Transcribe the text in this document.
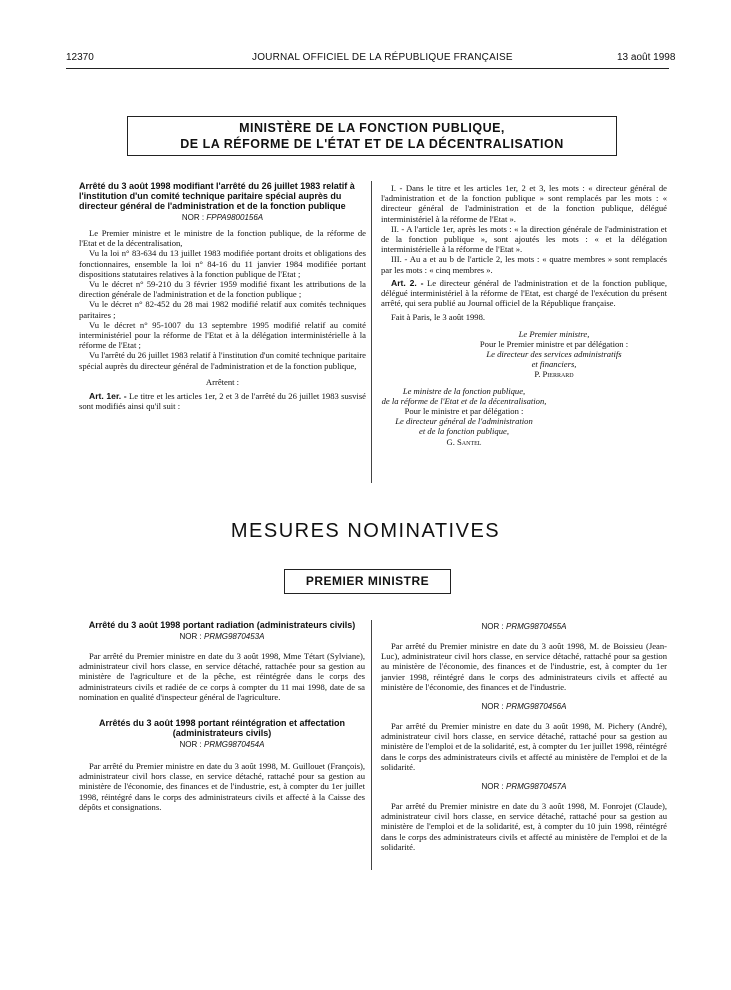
12370	JOURNAL OFFICIEL DE LA RÉPUBLIQUE FRANÇAISE	13 août 1998
MINISTÈRE DE LA FONCTION PUBLIQUE,
DE LA RÉFORME DE L'ÉTAT ET DE LA DÉCENTRALISATION

Arrêté du 3 août 1998 modifiant l'arrêté du 26 juillet 1983 relatif à l'institution d'un comité technique paritaire spécial auprès du directeur général de l'administration et de la fonction publique

NOR : FPPA9800156A

Le Premier ministre et le ministre de la fonction publique, de la réforme de l'Etat et de la décentralisation,

Vu la loi n° 83-634 du 13 juillet 1983 modifiée portant droits et obligations des fonctionnaires, ensemble la loi n° 84-16 du 11 janvier 1984 modifiée portant dispositions statutaires relatives à la fonction publique de l'Etat ;

Vu le décret n° 59-210 du 3 février 1959 modifié fixant les attributions de la direction générale de l'administration et de la fonction publique ;

Vu le décret n° 82-452 du 28 mai 1982 modifié relatif aux comités techniques paritaires ;

Vu le décret n° 95-1007 du 13 septembre 1995 modifié relatif au comité interministériel pour la réforme de l'Etat et à la délégation interministérielle à la réforme de l'Etat ;

Vu l'arrêté du 26 juillet 1983 relatif à l'institution d'un comité technique paritaire spécial auprès du directeur général de l'administration et de la fonction publique,

Arrêtent :

Art. 1er. - Le titre et les articles 1er, 2 et 3 de l'arrêté du 26 juillet 1983 susvisé sont modifiés ainsi qu'il suit :

I. - Dans le titre et les articles 1er, 2 et 3, les mots : « directeur général de l'administration et de la fonction publique » sont remplacés par les mots : « directeur général de l'administration et de la fonction publique, délégué interministériel à la réforme de l'Etat ».

II. - A l'article 1er, après les mots : « la direction générale de l'administration et de la fonction publique », sont ajoutés les mots : « et la délégation interministérielle à la réforme de l'Etat ».

III. - Au a et au b de l'article 2, les mots : « quatre membres » sont remplacés par les mots : « cinq membres ».

Art. 2. - Le directeur général de l'administration et de la fonction publique, délégué interministériel à la réforme de l'Etat, est chargé de l'exécution du présent arrêté, qui sera publié au Journal officiel de la République française.

Fait à Paris, le 3 août 1998.

Le Premier ministre,

Pour le Premier ministre et par délégation :

Le directeur des services administratifs

et financiers,

P. Pierrard

Le ministre de la fonction publique,

de la réforme de l'Etat et de la décentralisation,

Pour le ministre et par délégation :

Le directeur général de l'administration

et de la fonction publique,

G. Santel

MESURES NOMINATIVES
PREMIER MINISTRE

Arrêté du 3 août 1998 portant radiation (administrateurs civils)

NOR : PRMG9870453A

Par arrêté du Premier ministre en date du 3 août 1998, Mme Tétart (Sylviane), administrateur civil hors classe, en service détaché, rattachée pour sa gestion au ministère de l'agriculture et de la pêche, est réintégrée dans le corps des administrateurs civils et radiée de ce corps à compter du 11 mai 1998, date de sa nomination en qualité d'inspecteur général de l'agriculture.

Arrêtés du 3 août 1998 portant réintégration et affectation (administrateurs civils)

NOR : PRMG9870454A

Par arrêté du Premier ministre en date du 3 août 1998, M. Guillouet (François), administrateur civil hors classe, en service détaché, rattaché pour sa gestion au ministère de l'économie, des finances et de l'industrie, est, à compter du 1er juillet 1998, réintégré dans le corps des administrateurs civils et affecté à la Caisse des dépôts et consignations.

NOR : PRMG9870455A

Par arrêté du Premier ministre en date du 3 août 1998, M. de Boissieu (Jean-Luc), administrateur civil hors classe, en service détaché, rattaché pour sa gestion au ministère de l'économie, des finances et de l'industrie, est, à compter du 1er janvier 1998, réintégré dans le corps des administrateurs civils et affecté au ministère de l'économie, des finances et de l'industrie.

NOR : PRMG9870456A

Par arrêté du Premier ministre en date du 3 août 1998, M. Pichery (André), administrateur civil hors classe, en service détaché, rattaché pour sa gestion au ministère de l'emploi et de la solidarité, est, à compter du 1er juillet 1998, réintégré dans le corps des administrateurs civils et affecté au ministère de l'emploi et de la solidarité.

NOR : PRMG9870457A

Par arrêté du Premier ministre en date du 3 août 1998, M. Fonrojet (Claude), administrateur civil hors classe, en service détaché, rattaché pour sa gestion au ministère de l'emploi et de la solidarité, est, à compter du 10 juin 1998, réintégré dans le corps des administrateurs civils et affecté au ministère de l'emploi et de la solidarité.
